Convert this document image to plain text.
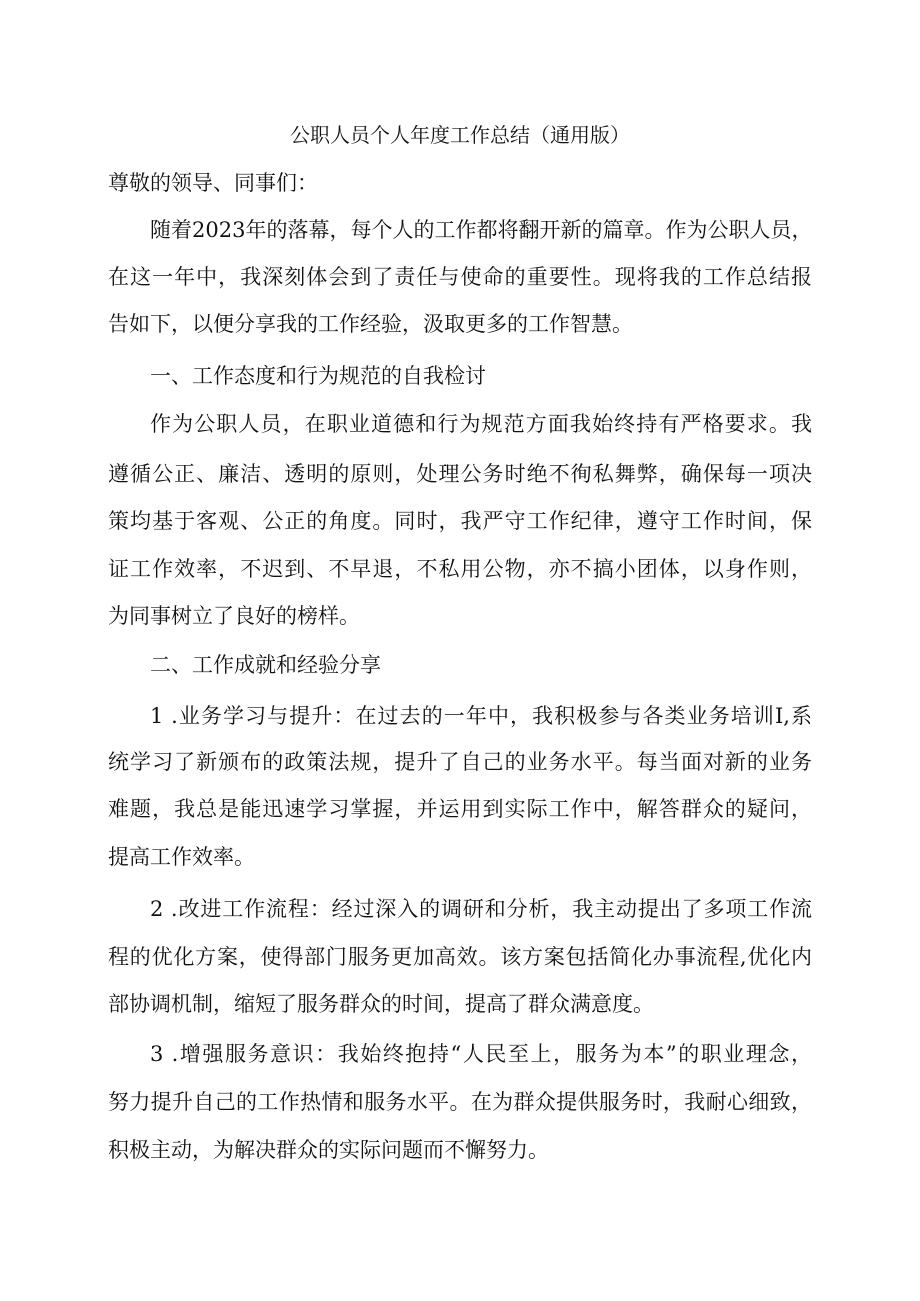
公职人员个人年度工作总结（通用版）
尊敬的领导、同事们：
随着2023年的落幕，每个人的工作都将翻开新的篇章。作为公职人员，
在这一年中，我深刻体会到了责任与使命的重要性。现将我的工作总结报
告如下，以便分享我的工作经验，汲取更多的工作智慧。
一、工作态度和行为规范的自我检讨
作为公职人员，在职业道德和行为规范方面我始终持有严格要求。我
遵循公正、廉洁、透明的原则，处理公务时绝不徇私舞弊，确保每一项决
策均基于客观、公正的角度。同时，我严守工作纪律，遵守工作时间，保
证工作效率，不迟到、不早退，不私用公物，亦不搞小团体，以身作则，
为同事树立了良好的榜样。
二、工作成就和经验分享
1 .业务学习与提升：在过去的一年中，我积极参与各类业务培训I,系
统学习了新颁布的政策法规，提升了自己的业务水平。每当面对新的业务
难题，我总是能迅速学习掌握，并运用到实际工作中，解答群众的疑问，
提高工作效率。
2 .改进工作流程：经过深入的调研和分析，我主动提出了多项工作流
程的优化方案，使得部门服务更加高效。该方案包括简化办事流程,优化内
部协调机制，缩短了服务群众的时间，提高了群众满意度。
3 .增强服务意识：我始终抱持“人民至上，服务为本”的职业理念，
努力提升自己的工作热情和服务水平。在为群众提供服务时，我耐心细致，
积极主动，为解决群众的实际问题而不懈努力。
